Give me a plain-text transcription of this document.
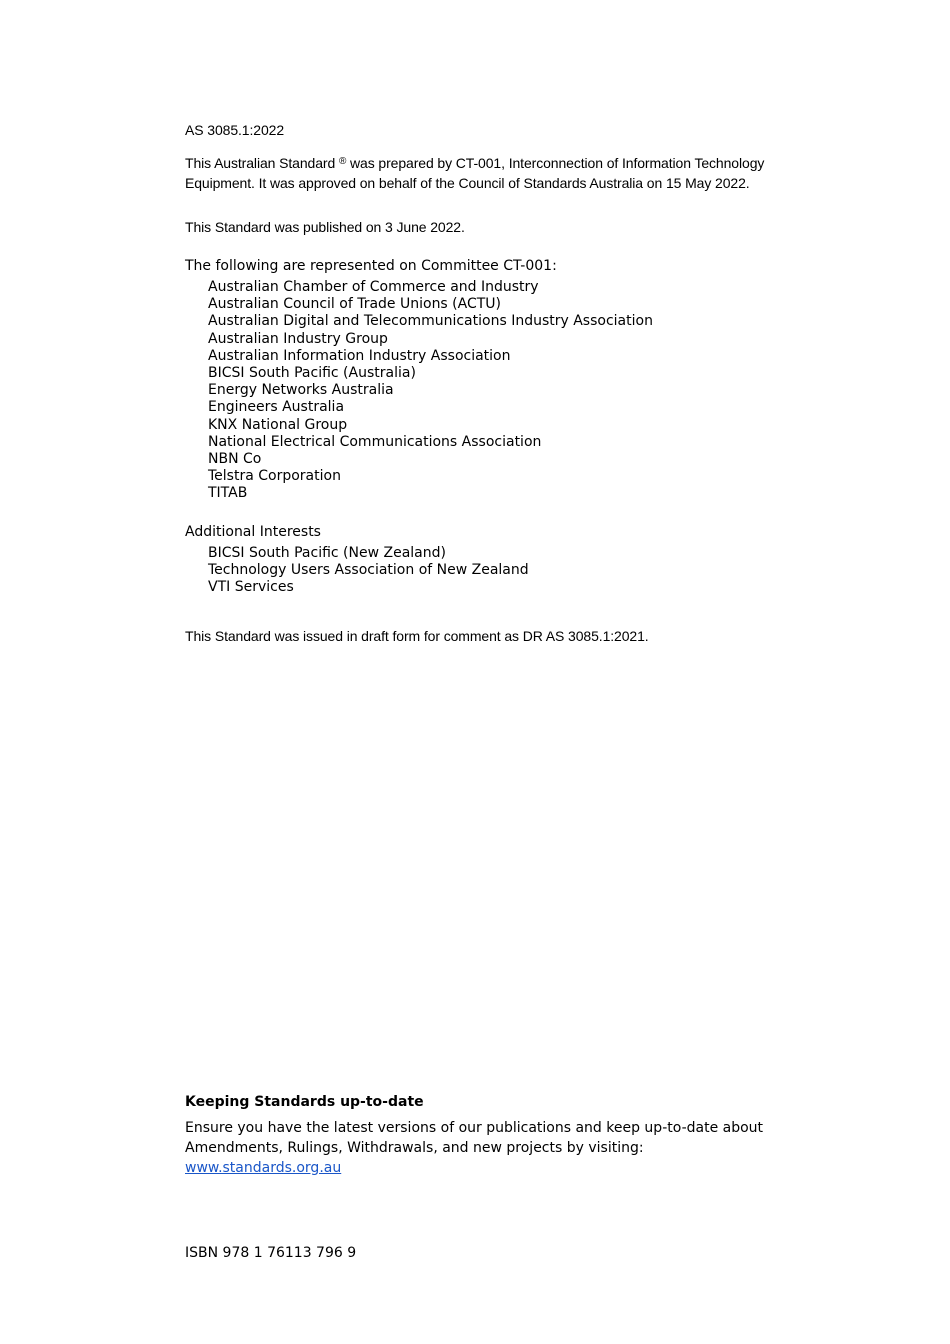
AS 3085.1:2022

This Australian Standard ® was prepared by CT-001, Interconnection of Information Technology Equipment. It was approved on behalf of the Council of Standards Australia on 15 May 2022.

This Standard was published on 3 June 2022.

The following are represented on Committee CT-001:

Australian Chamber of Commerce and Industry
Australian Council of Trade Unions (ACTU)
Australian Digital and Telecommunications Industry Association
Australian Industry Group
Australian Information Industry Association
BICSI South Pacific (Australia)
Energy Networks Australia
Engineers Australia
KNX National Group
National Electrical Communications Association
NBN Co
Telstra Corporation
TITAB

Additional Interests

BICSI South Pacific (New Zealand)
Technology Users Association of New Zealand
VTI Services

This Standard was issued in draft form for comment as DR AS 3085.1:2021.

Keeping Standards up-to-date

Ensure you have the latest versions of our publications and keep up-to-date about Amendments, Rulings, Withdrawals, and new projects by visiting:
www.standards.org.au

ISBN 978 1 76113 796 9
